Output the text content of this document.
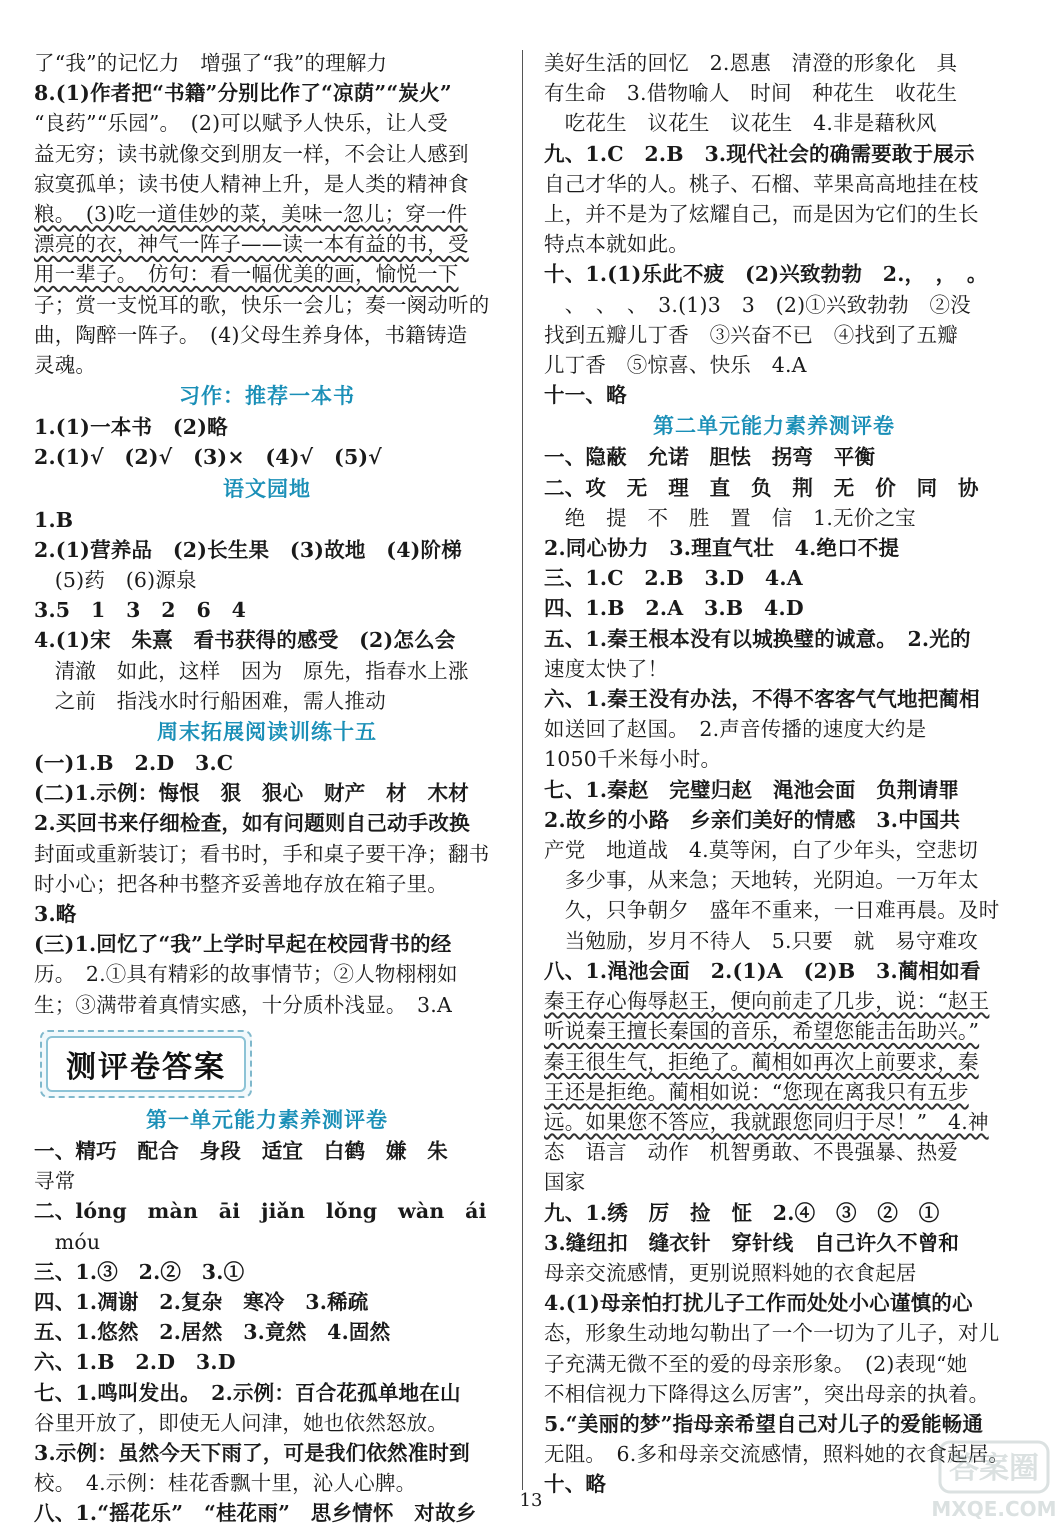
了“我”的记忆力　增强了“我”的理解力
8.(1)作者把“书籍”分别比作了“凉荫”“炭火”
“良药”“乐园”。　(2)可以赋予人快乐，让人受
益无穷；读书就像交到朋友一样，不会让人感到
寂寞孤单；读书使人精神上升，是人类的精神食
粮。　(3)吃一道佳妙的菜，美味一忽儿；穿一件
漂亮的衣，神气一阵子——读一本有益的书，受
用一辈子。　仿句：看一幅优美的画，愉悦一下
子；赏一支悦耳的歌，快乐一会儿；奏一阕动听的
曲，陶醉一阵子。　(4)父母生养身体，书籍铸造
灵魂。
习作：推荐一本书
1.(1)一本书　(2)略
2.(1)√　(2)√　(3)×　(4)√　(5)√
语文园地
1.B
2.(1)营养品　(2)长生果　(3)故地　(4)阶梯
　(5)药　(6)源泉
3.5　1　3　2　6　4
4.(1)宋　朱熹　看书获得的感受　(2)怎么会
　清澈　如此，这样　因为　原先，指春水上涨
　之前　指浅水时行船困难，需人推动
周末拓展阅读训练十五
(一)1.B　2.D　3.C
(二)1.示例：悔恨　狠　狠心　财产　材　木材
2.买回书来仔细检查，如有问题则自己动手改换
封面或重新装订；看书时，手和桌子要干净；翻书
时小心；把各种书整齐妥善地存放在箱子里。
3.略
(三)1.回忆了“我”上学时早起在校园背书的经
历。　2.①具有精彩的故事情节；②人物栩栩如
生；③满带着真情实感，十分质朴浅显。　3.A
测评卷答案
第一单元能力素养测评卷
一、精巧　配合　身段　适宜　白鹤　嫌　朱
寻常
二、lóng　màn　āi　jiǎn　lǒng　wàn　ái
　móu
三、1.③　2.②　3.①
四、1.凋谢　2.复杂　寒冷　3.稀疏
五、1.悠然　2.居然　3.竟然　4.固然
六、1.B　2.D　3.D
七、1.鸣叫发出。　2.示例：百合花孤单地在山
谷里开放了，即使无人问津，她也依然怒放。
3.示例：虽然今天下雨了，可是我们依然准时到
校。　4.示例：桂花香飘十里，沁人心脾。
八、1.“摇花乐”　“桂花雨”　思乡情怀　对故乡
美好生活的回忆　2.恩惠　清澄的形象化　具
有生命　3.借物喻人　时间　种花生　收花生
　吃花生　议花生　议花生　4.非是藉秋风
九、1.C　2.B　3.现代社会的确需要敢于展示
自己才华的人。桃子、石榴、苹果高高地挂在枝
上，并不是为了炫耀自己，而是因为它们的生长
特点本就如此。
十、1.(1)乐此不疲　(2)兴致勃勃　2.，　，　。
　、　、　、　3.(1)3　3　(2)①兴致勃勃　②没
找到五瓣儿丁香　③兴奋不已　④找到了五瓣
儿丁香　⑤惊喜、快乐　4.A
十一、略
第二单元能力素养测评卷
一、隐蔽　允诺　胆怯　拐弯　平衡
二、攻　无　理　直　负　荆　无　价　同　协
　绝　提　不　胜　置　信　1.无价之宝
2.同心协力　3.理直气壮　4.绝口不提
三、1.C　2.B　3.D　4.A
四、1.B　2.A　3.B　4.D
五、1.秦王根本没有以城换璧的诚意。　2.光的
速度太快了！
六、1.秦王没有办法，不得不客客气气地把蔺相
如送回了赵国。　2.声音传播的速度大约是
1050千米每小时。
七、1.秦赵　完璧归赵　渑池会面　负荆请罪
2.故乡的小路　乡亲们美好的情感　3.中国共
产党　地道战　4.莫等闲，白了少年头，空悲切
　多少事，从来急；天地转，光阴迫。一万年太
　久，只争朝夕　盛年不重来，一日难再晨。及时
　当勉励，岁月不待人　5.只要　就　易守难攻
八、1.渑池会面　2.(1)A　(2)B　3.蔺相如看
秦王存心侮辱赵王，便向前走了几步，说：“赵王
听说秦王擅长秦国的音乐，希望您能击缶助兴。”
秦王很生气，拒绝了。蔺相如再次上前要求，秦
王还是拒绝。蔺相如说：“您现在离我只有五步
远。如果您不答应，我就跟您同归于尽！”　4.神
态　语言　动作　机智勇敢、不畏强暴、热爱
国家
九、1.绣　厉　捡　怔　2.④　③　②　①
3.缝纽扣　缝衣针　穿针线　自己许久不曾和
母亲交流感情，更别说照料她的衣食起居
4.(1)母亲怕打扰儿子工作而处处小心谨慎的心
态，形象生动地勾勒出了一个一切为了儿子，对儿
子充满无微不至的爱的母亲形象。　(2)表现“她
不相信视力下降得这么厉害”，突出母亲的执着。
5.“美丽的梦”指母亲希望自己对儿子的爱能畅通
无阻。　6.多和母亲交流感情，照料她的衣食起居。
十、略
13
答案圈
MXQE.COM
